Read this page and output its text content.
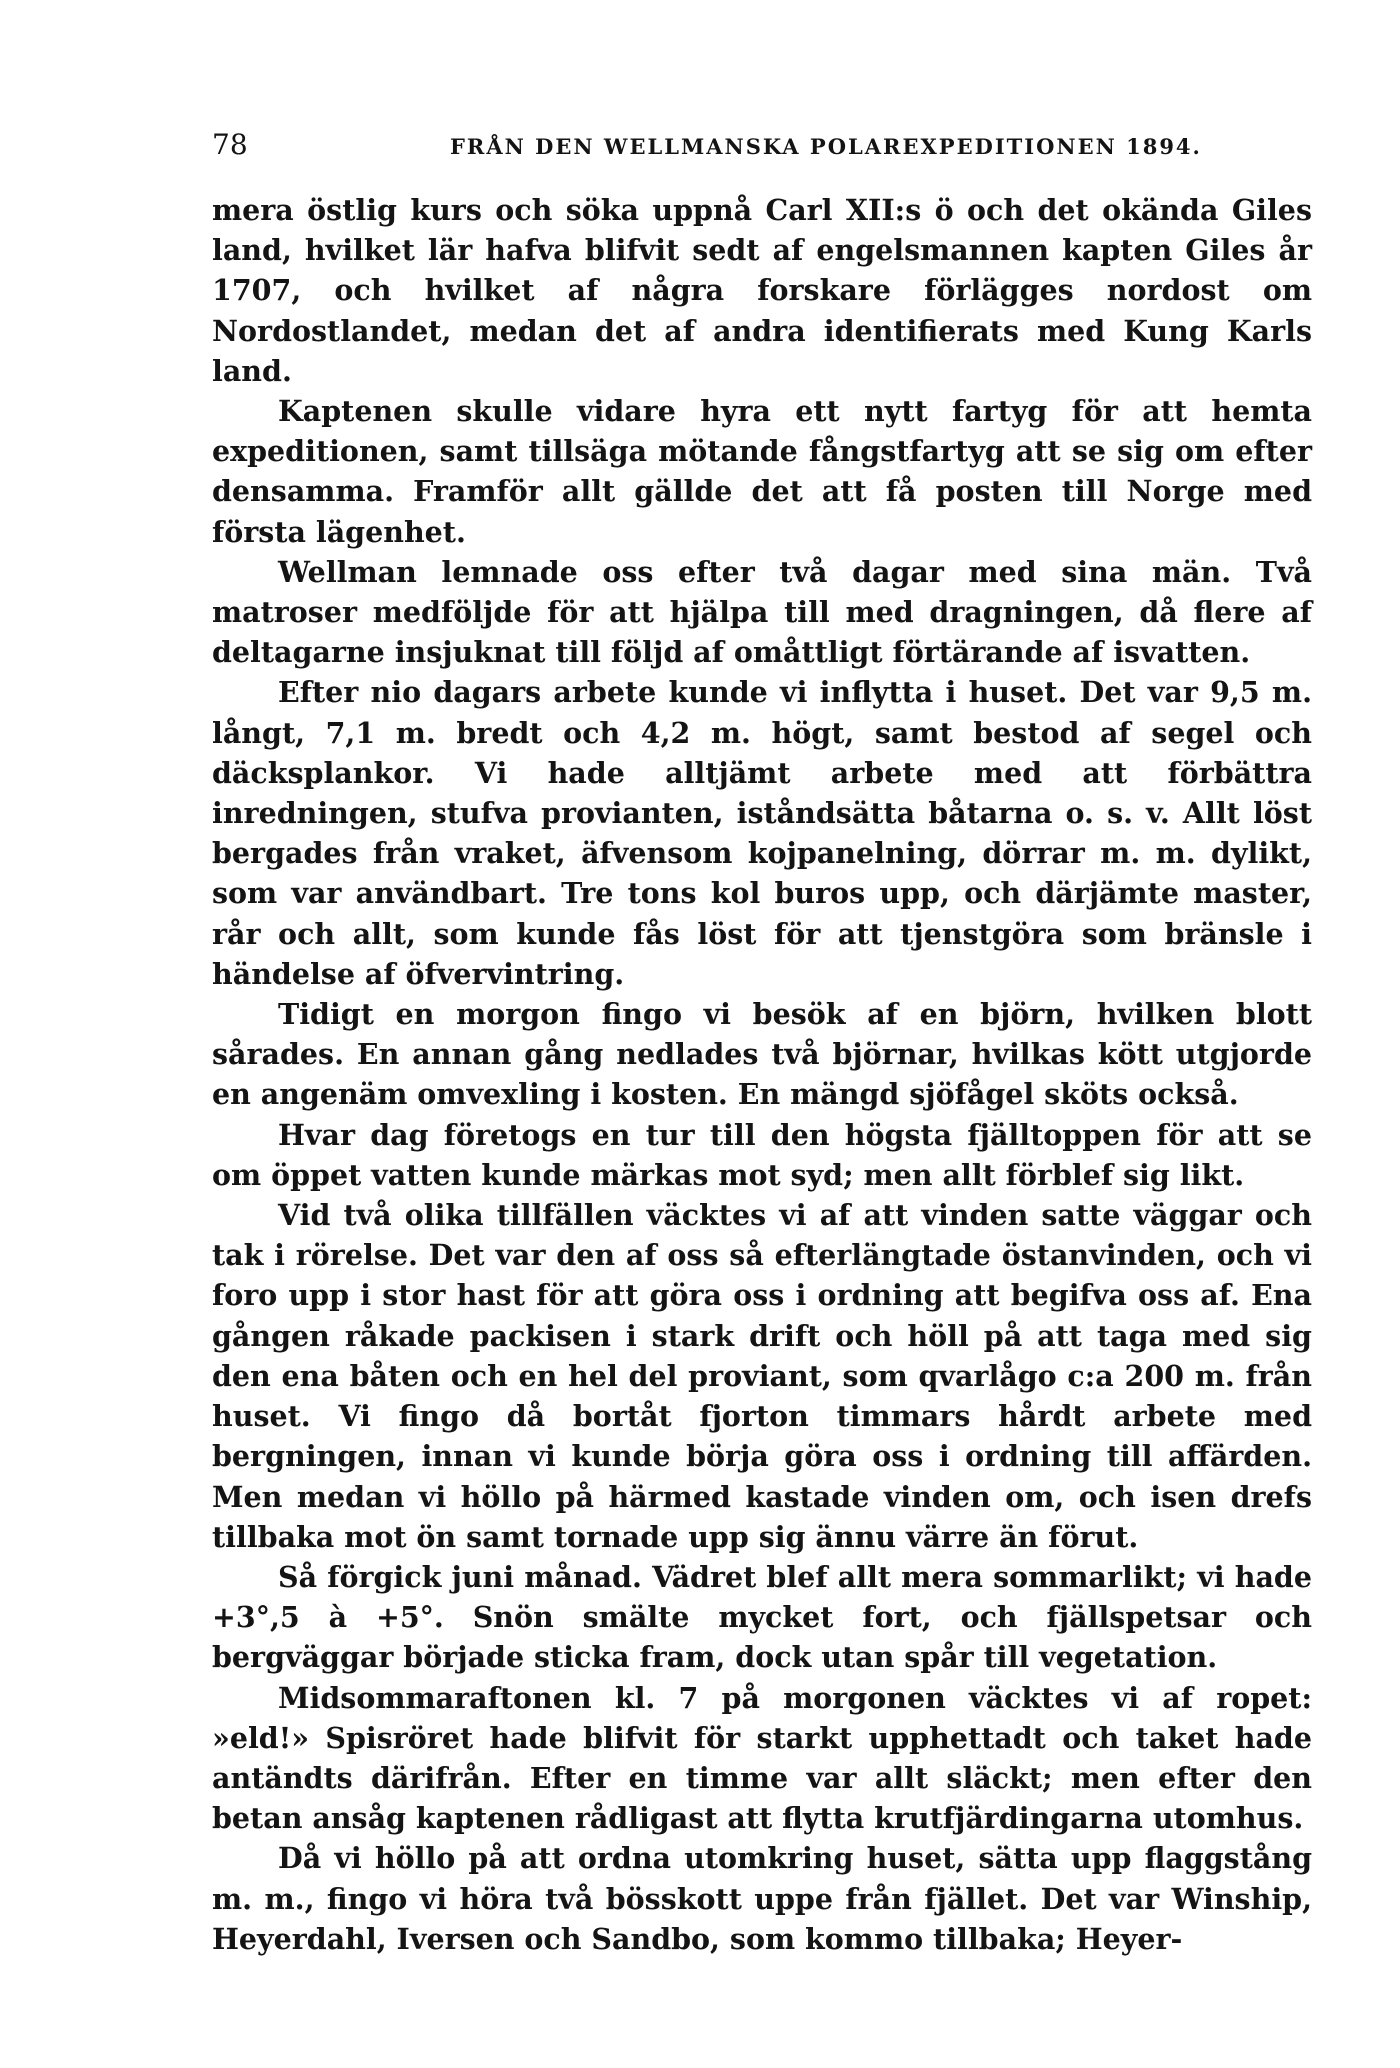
78	FRÅN DEN WELLMANSKA POLAREXPEDITIONEN 1894.

mera östlig kurs och söka uppnå Carl XII:s ö och det okända Giles land, hvilket lär hafva blifvit sedt af engelsmannen kapten Giles år 1707, och hvilket af några forskare förlägges nordost om Nordostlandet, medan det af andra identifierats med Kung Karls land.

Kaptenen skulle vidare hyra ett nytt fartyg för att hemta expeditionen, samt tillsäga mötande fångstfartyg att se sig om efter densamma. Framför allt gällde det att få posten till Norge med första lägenhet.

Wellman lemnade oss efter två dagar med sina män. Två matroser medföljde för att hjälpa till med dragningen, då flere af deltagarne insjuknat till följd af omåttligt förtärande af isvatten.

Efter nio dagars arbete kunde vi inflytta i huset. Det var 9,5 m. långt, 7,1 m. bredt och 4,2 m. högt, samt bestod af segel och däcksplankor. Vi hade alltjämt arbete med att förbättra inredningen, stufva provianten, iståndsätta båtarna o. s. v. Allt löst bergades från vraket, äfvensom kojpanelning, dörrar m. m. dylikt, som var användbart. Tre tons kol buros upp, och därjämte master, rår och allt, som kunde fås löst för att tjenstgöra som bränsle i händelse af öfvervintring.

Tidigt en morgon fingo vi besök af en björn, hvilken blott sårades. En annan gång nedlades två björnar, hvilkas kött utgjorde en angenäm omvexling i kosten. En mängd sjöfågel sköts också.

Hvar dag företogs en tur till den högsta fjälltoppen för att se om öppet vatten kunde märkas mot syd; men allt förblef sig likt.

Vid två olika tillfällen väcktes vi af att vinden satte väggar och tak i rörelse. Det var den af oss så efterlängtade östanvinden, och vi foro upp i stor hast för att göra oss i ordning att begifva oss af. Ena gången råkade packisen i stark drift och höll på att taga med sig den ena båten och en hel del proviant, som qvarlågo c:a 200 m. från huset. Vi fingo då bortåt fjorton timmars hårdt arbete med bergningen, innan vi kunde börja göra oss i ordning till affärden. Men medan vi höllo på härmed kastade vinden om, och isen drefs tillbaka mot ön samt tornade upp sig ännu värre än förut.

Så förgick juni månad. Vädret blef allt mera sommarlikt; vi hade +3°,5 à +5°. Snön smälte mycket fort, och fjällspetsar och bergväggar började sticka fram, dock utan spår till vegetation.

Midsommaraftonen kl. 7 på morgonen väcktes vi af ropet: »eld!» Spisröret hade blifvit för starkt upphettadt och taket hade antändts därifrån. Efter en timme var allt släckt; men efter den betan ansåg kaptenen rådligast att flytta krutfjärdingarna utomhus.

Då vi höllo på att ordna utomkring huset, sätta upp flaggstång m. m., fingo vi höra två bösskott uppe från fjället. Det var Winship, Heyerdahl, Iversen och Sandbo, som kommo tillbaka; Heyer-
